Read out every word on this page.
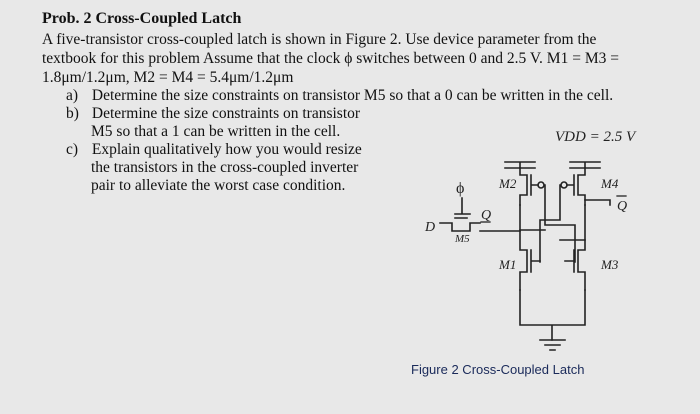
Prob. 2 Cross-Coupled Latch
A five-transistor cross-coupled latch is shown in Figure 2. Use device parameter from the
textbook for this problem Assume that the clock ϕ switches between 0 and 2.5 V. M1 = M3 =
1.8μm/1.2μm, M2 = M4 = 5.4μm/1.2μm
a) Determine the size constraints on transistor M5 so that a 0 can be written in the cell.
b) Determine the size constraints on transistor
M5 so that a 1 can be written in the cell.
c) Explain qualitatively how you would resize
the transistors in the cross-coupled inverter
pair to alleviate the worst case condition.
VDD = 2.5 V
M2	M4
Q
M1	M3
ϕ
D
M5
Q
Figure 2 Cross-Coupled Latch
